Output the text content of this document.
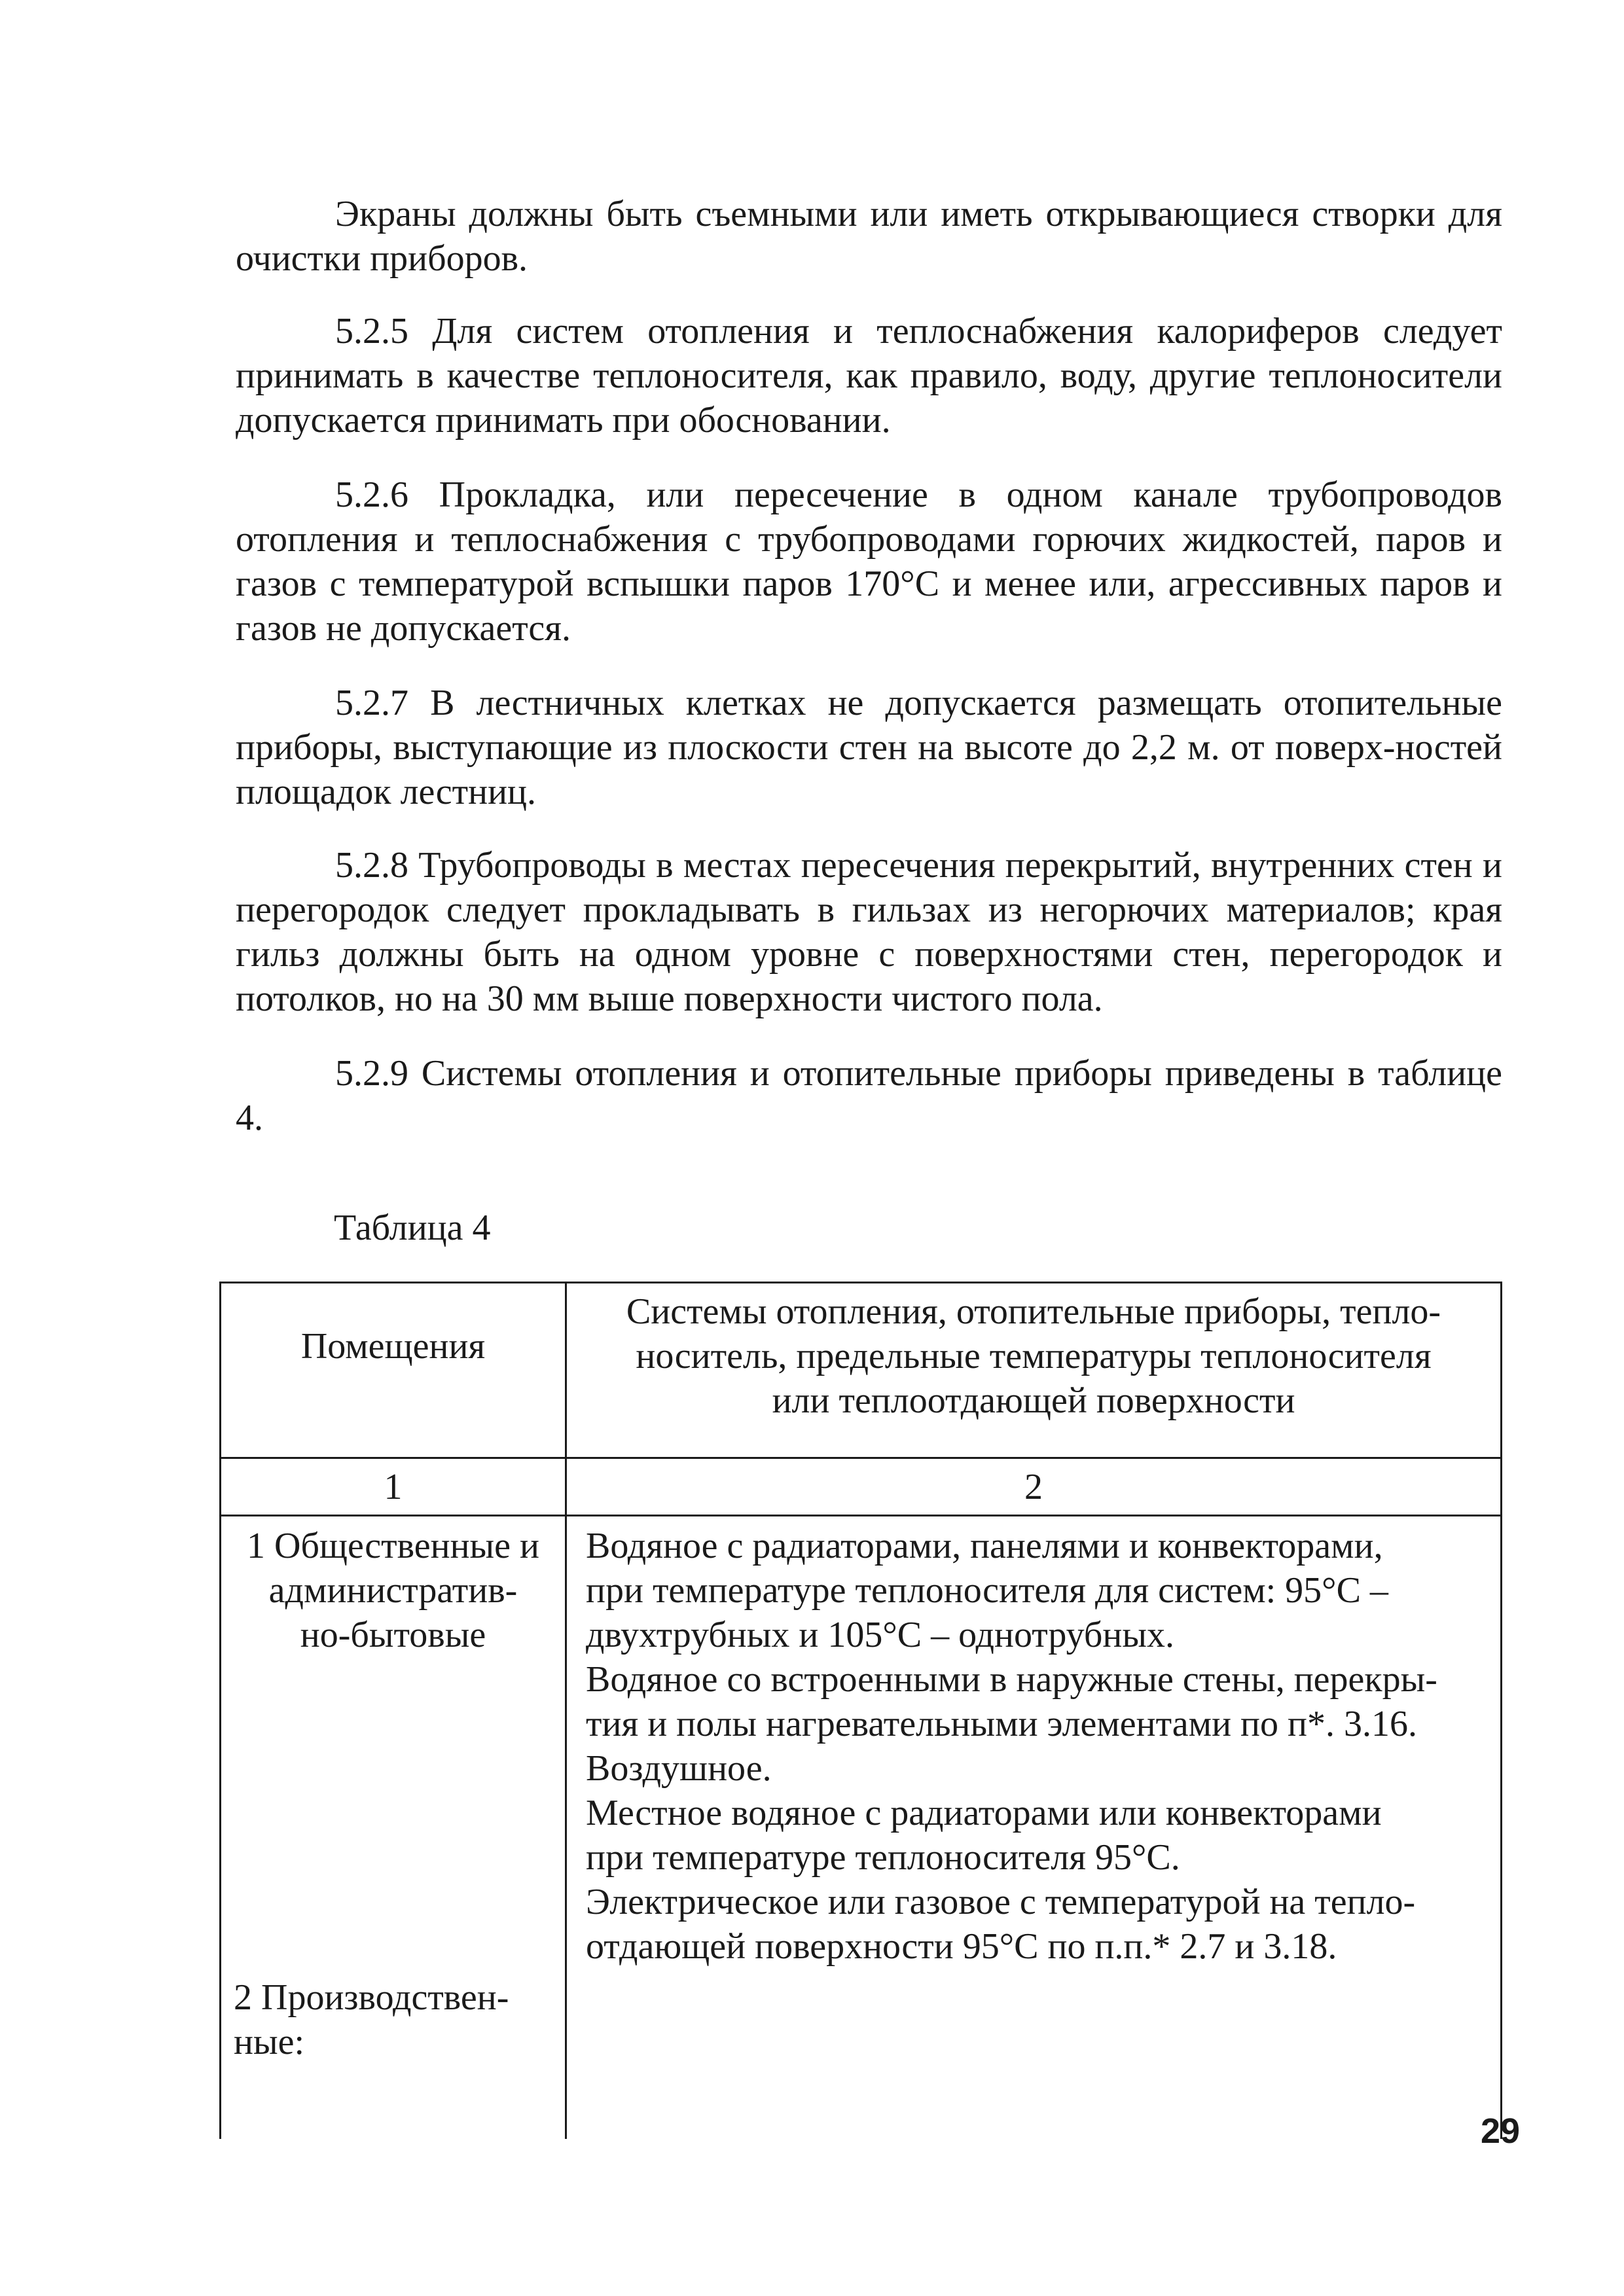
Экраны должны быть съемными или иметь открывающиеся створки для очистки приборов.

5.2.5 Для систем отопления и теплоснабжения калориферов следует принимать в качестве теплоносителя, как правило, воду, другие теплоносители допускается принимать при обосновании.

5.2.6 Прокладка, или пересечение в одном канале трубопроводов отопления и теплоснабжения с трубопроводами горючих жидкостей, паров и газов с температурой вспышки паров 170°С и менее или, агрессивных паров и газов не допускается.

5.2.7 В лестничных клетках не допускается размещать отопительные приборы, выступающие из плоскости стен на высоте до 2,2 м. от поверх-ностей площадок лестниц.

5.2.8 Трубопроводы в местах пересечения перекрытий, внутренних стен и перегородок следует прокладывать в гильзах из негорючих материалов; края гильз должны быть на одном уровне с поверхностями стен, перегородок и потолков, но на 30 мм выше поверхности чистого пола.

5.2.9 Системы отопления и отопительные приборы приведены в таблице 4.

Таблица 4
Помещения
Системы отопления, отопительные приборы, тепло-
носитель, предельные температуры теплоносителя
или теплоотдающей поверхности
1	2
1 Общественные и
административ-
но-бытовые
Водяное с радиаторами, панелями и конвекторами,
при температуре теплоносителя для систем: 95°С –
двухтрубных и 105°С – однотрубных.
Водяное со встроенными в наружные стены, перекры-
тия и полы нагревательными элементами по п*. 3.16.
Воздушное.
Местное водяное с радиаторами или конвекторами
при температуре теплоносителя 95°С.
Электрическое или газовое с температурой на тепло-
отдающей поверхности 95°С по п.п.* 2.7 и 3.18.
2 Производствен-
ные:
29
